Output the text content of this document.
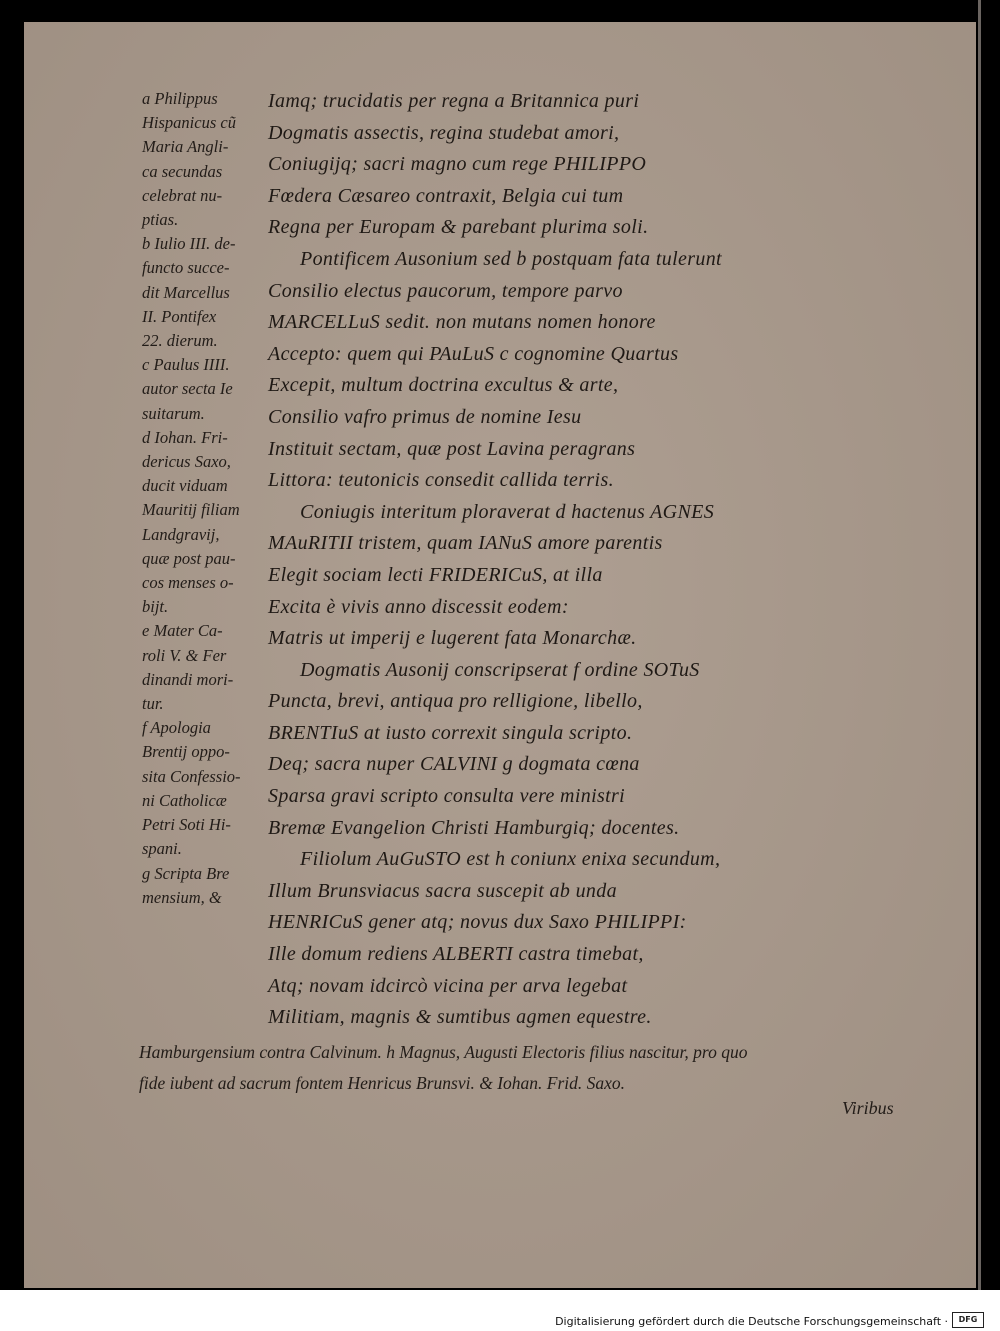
a Philippus
Hispanicus cũ
Maria Angli-
ca secundas
celebrat nu-
ptias.
b Iulio III. de-
functo succe-
dit Marcellus
II. Pontifex
22. dierum.
c Paulus IIII.
autor secta Ie
suitarum.
d Iohan. Fri-
dericus Saxo,
ducit viduam
Mauritij filiam
Landgravij,
quæ post pau-
cos menses o-
bijt.
e Mater Ca-
roli V. & Fer
dinandi mori-
tur.
f Apologia
Brentij oppo-
sita Confessio-
ni Catholicæ
Petri Soti Hi-
spani.
g Scripta Bre
mensium, &
Iamq; trucidatis per regna a Britannica puri
Dogmatis assectis, regina studebat amori,
Coniugijq; sacri magno cum rege PHILIPPO
Fœdera Cæsareo contraxit, Belgia cui tum
Regna per Europam & parebant plurima soli.
Pontificem Ausonium sed b postquam fata tulerunt
Consilio electus paucorum, tempore parvo
MARCELLuS sedit. non mutans nomen honore
Accepto: quem qui PAuLuS c cognomine Quartus
Excepit, multum doctrina excultus & arte,
Consilio vafro primus de nomine Iesu
Instituit sectam, quæ post Lavina peragrans
Littora: teutonicis consedit callida terris.
Coniugis interitum ploraverat d hactenus AGNES
MAuRITII tristem, quam IANuS amore parentis
Elegit sociam lecti FRIDERICuS, at illa
Excita è vivis anno discessit eodem:
Matris ut imperij e lugerent fata Monarchæ.
Dogmatis Ausonij conscripserat f ordine SOTuS
Puncta, brevi, antiqua pro relligione, libello,
BRENTIuS at iusto correxit singula scripto.
Deq; sacra nuper CALVINI g dogmata cœna
Sparsa gravi scripto consulta vere ministri
Bremæ Evangelion Christi Hamburgiq; docentes.
Filiolum AuGuSTO est h coniunx enixa secundum,
Illum Brunsviacus sacra suscepit ab unda
HENRICuS gener atq; novus dux Saxo PHILIPPI:
Ille domum rediens ALBERTI castra timebat,
Atq; novam idcircò vicina per arva legebat
Militiam, magnis & sumtibus agmen equestre.
Hamburgensium contra Calvinum. h Magnus, Augusti Electoris filius nascitur, pro quo
fide iubent ad sacrum fontem Henricus Brunsvi. & Iohan. Frid. Saxo.
Viribus
Digitalisierung gefördert durch die Deutsche Forschungsgemeinschaft ·	DFG
